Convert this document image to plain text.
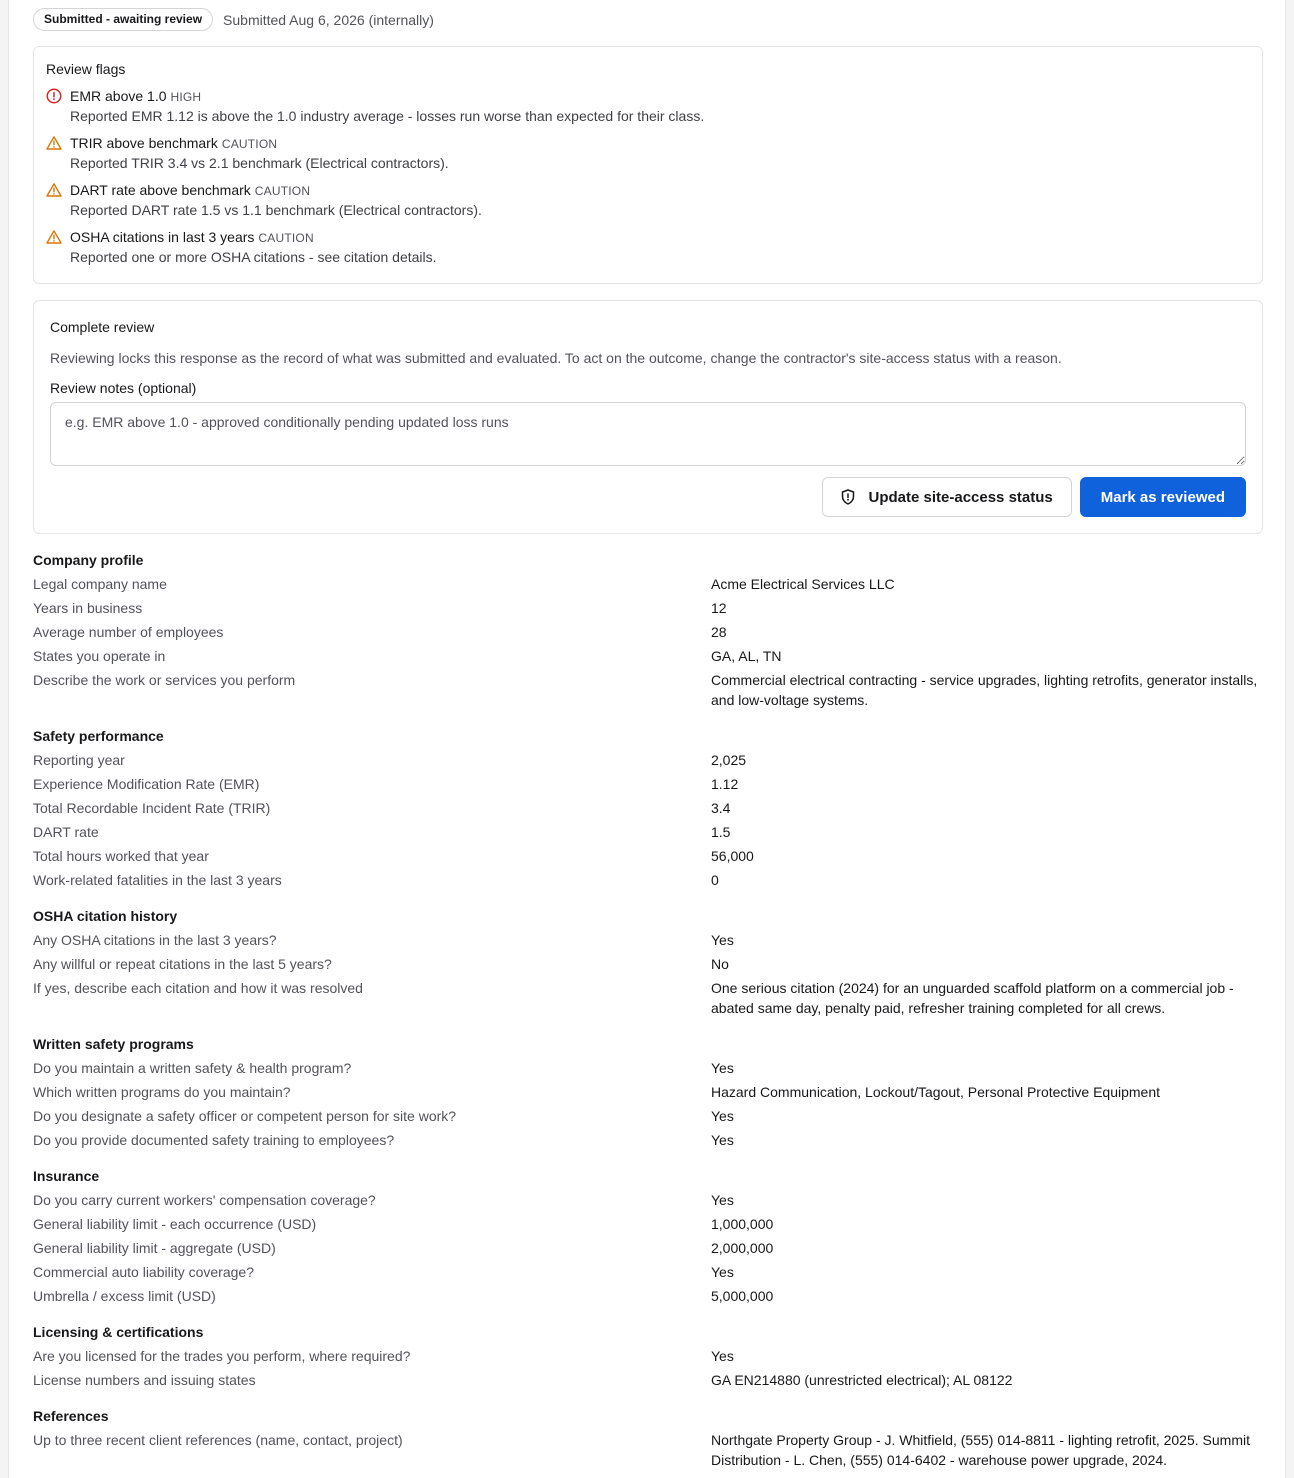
Submitted - awaiting review	Submitted Aug 6, 2026 (internally)
Review flags
EMR above 1.0 HIGH
Reported EMR 1.12 is above the 1.0 industry average - losses run worse than expected for their class.
TRIR above benchmark CAUTION
Reported TRIR 3.4 vs 2.1 benchmark (Electrical contractors).
DART rate above benchmark CAUTION
Reported DART rate 1.5 vs 1.1 benchmark (Electrical contractors).
OSHA citations in last 3 years CAUTION
Reported one or more OSHA citations - see citation details.
Complete review
Reviewing locks this response as the record of what was submitted and evaluated. To act on the outcome, change the contractor's site-access status with a reason.
Review notes (optional)
e.g. EMR above 1.0 - approved conditionally pending updated loss runs
Update site-access status	Mark as reviewed
Company profile
Legal company name	Acme Electrical Services LLC
Years in business	12
Average number of employees	28
States you operate in	GA, AL, TN
Describe the work or services you perform	Commercial electrical contracting - service upgrades, lighting retrofits, generator installs, and low-voltage systems.
Safety performance
Reporting year	2,025
Experience Modification Rate (EMR)	1.12
Total Recordable Incident Rate (TRIR)	3.4
DART rate	1.5
Total hours worked that year	56,000
Work-related fatalities in the last 3 years	0
OSHA citation history
Any OSHA citations in the last 3 years?	Yes
Any willful or repeat citations in the last 5 years?	No
If yes, describe each citation and how it was resolved	One serious citation (2024) for an unguarded scaffold platform on a commercial job - abated same day, penalty paid, refresher training completed for all crews.
Written safety programs
Do you maintain a written safety & health program?	Yes
Which written programs do you maintain?	Hazard Communication, Lockout/Tagout, Personal Protective Equipment
Do you designate a safety officer or competent person for site work?	Yes
Do you provide documented safety training to employees?	Yes
Insurance
Do you carry current workers' compensation coverage?	Yes
General liability limit - each occurrence (USD)	1,000,000
General liability limit - aggregate (USD)	2,000,000
Commercial auto liability coverage?	Yes
Umbrella / excess limit (USD)	5,000,000
Licensing & certifications
Are you licensed for the trades you perform, where required?	Yes
License numbers and issuing states	GA EN214880 (unrestricted electrical); AL 08122
References
Up to three recent client references (name, contact, project)	Northgate Property Group - J. Whitfield, (555) 014-8811 - lighting retrofit, 2025. Summit Distribution - L. Chen, (555) 014-6402 - warehouse power upgrade, 2024.
